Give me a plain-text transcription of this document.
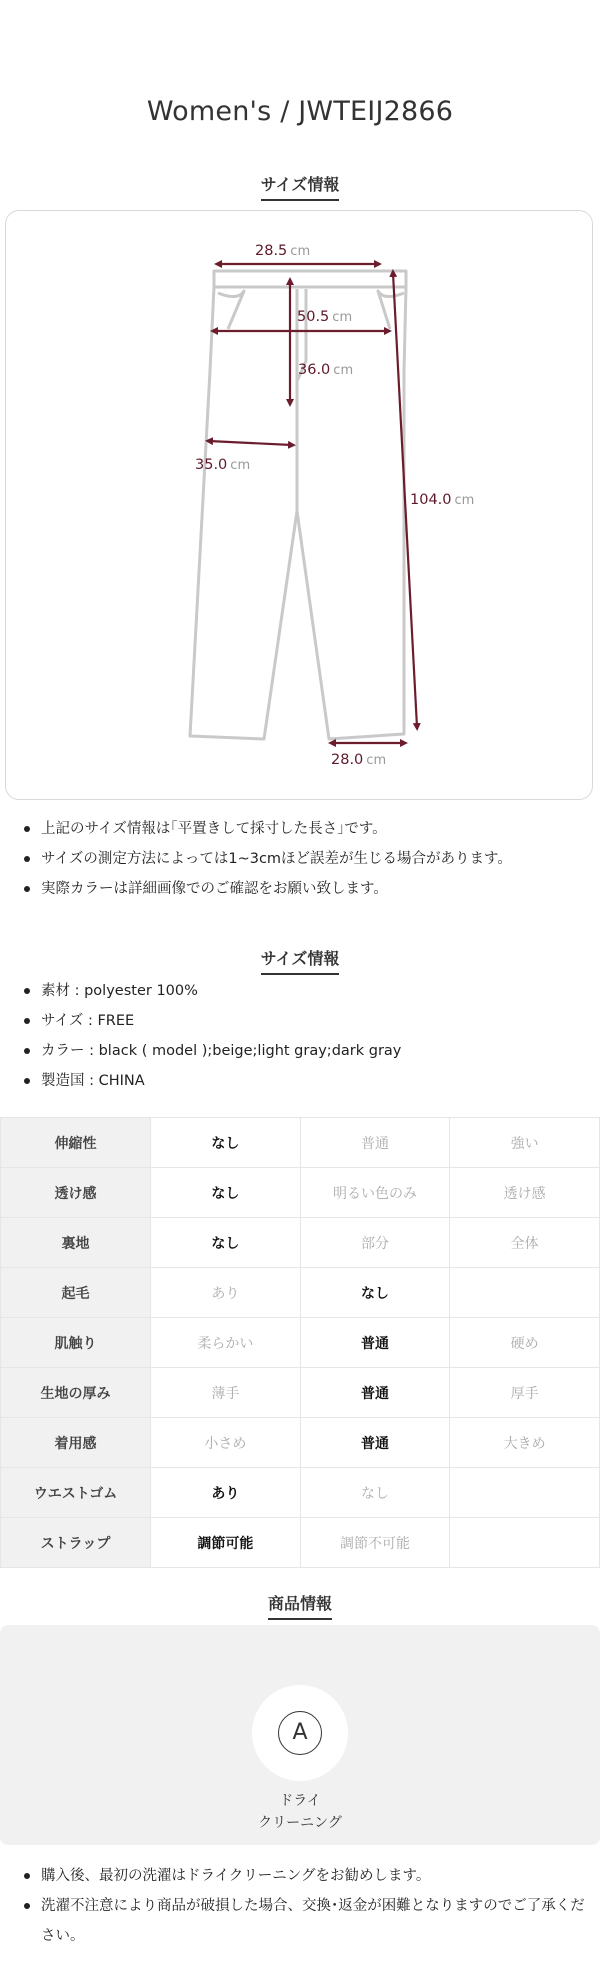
Women's / JWTEIJ2866
サイズ情報
28.5 cm
50.5 cm
36.0 cm
35.0 cm
104.0 cm
28.0 cm
上記のサイズ情報は｢平置きして採寸した長さ｣です。
サイズの測定方法によっては1~3cmほど誤差が生じる場合があります。
実際カラーは詳細画像でのご確認をお願い致します。
サイズ情報
素材 : polyester 100%
サイズ : FREE
カラー : black ( model );beige;light gray;dark gray
製造国 : CHINA
伸縮性	なし	普通	強い
透け感	なし	明るい色のみ	透け感
裏地	なし	部分	全体
起毛	あり	なし	
肌触り	柔らかい	普通	硬め
生地の厚み	薄手	普通	厚手
着用感	小さめ	普通	大きめ
ウエストゴム	あり	なし	
ストラップ	調節可能	調節不可能	
商品情報
A
ドライ
クリーニング
購入後、最初の洗濯はドライクリーニングをお勧めします。
洗濯不注意により商品が破損した場合、交換･返金が困難となりますのでご了承ください。
